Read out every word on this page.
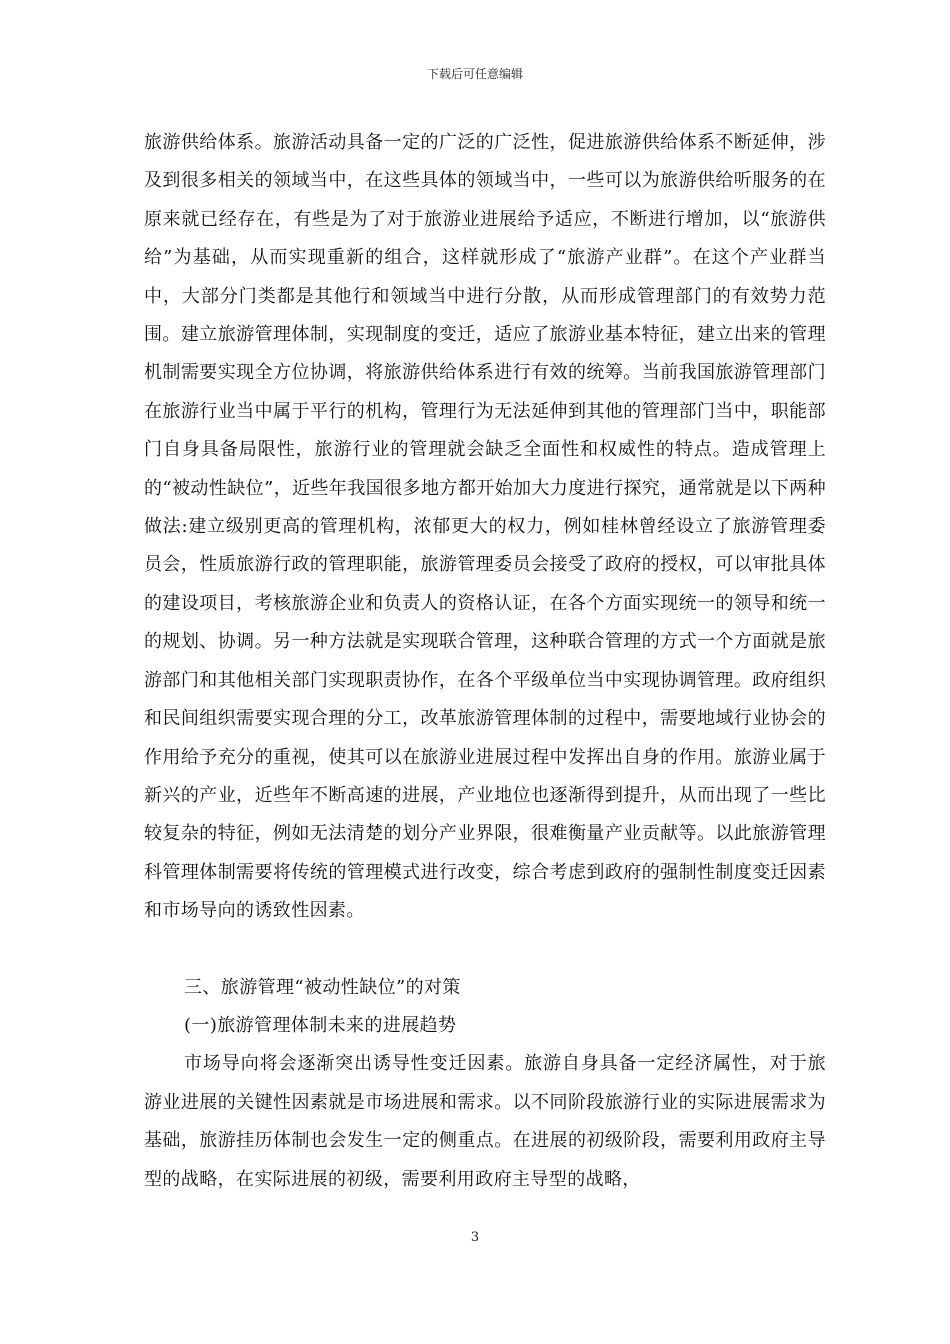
下载后可任意编辑

旅游供给体系。旅游活动具备一定的广泛的广泛性，促进旅游供给体系不断延伸，涉及到很多相关的领域当中，在这些具体的领域当中，一些可以为旅游供给听服务的在原来就已经存在，有些是为了对于旅游业进展给予适应，不断进行增加，以“旅游供给”为基础，从而实现重新的组合，这样就形成了“旅游产业群”。在这个产业群当中，大部分门类都是其他行和领域当中进行分散，从而形成管理部门的有效势力范围。建立旅游管理体制，实现制度的变迁，适应了旅游业基本特征，建立出来的管理机制需要实现全方位协调，将旅游供给体系进行有效的统筹。当前我国旅游管理部门在旅游行业当中属于平行的机构，管理行为无法延伸到其他的管理部门当中，职能部门自身具备局限性，旅游行业的管理就会缺乏全面性和权威性的特点。造成管理上的“被动性缺位”，近些年我国很多地方都开始加大力度进行探究，通常就是以下两种做法:建立级别更高的管理机构，浓郁更大的权力，例如桂林曾经设立了旅游管理委员会，性质旅游行政的管理职能，旅游管理委员会接受了政府的授权，可以审批具体的建设项目，考核旅游企业和负责人的资格认证，在各个方面实现统一的领导和统一的规划、协调。另一种方法就是实现联合管理，这种联合管理的方式一个方面就是旅游部门和其他相关部门实现职责协作，在各个平级单位当中实现协调管理。政府组织和民间组织需要实现合理的分工，改革旅游管理体制的过程中，需要地域行业协会的作用给予充分的重视，使其可以在旅游业进展过程中发挥出自身的作用。旅游业属于新兴的产业，近些年不断高速的进展，产业地位也逐渐得到提升，从而出现了一些比较复杂的特征，例如无法清楚的划分产业界限，很难衡量产业贡献等。以此旅游管理科管理体制需要将传统的管理模式进行改变，综合考虑到政府的强制性制度变迁因素和市场导向的诱致性因素。

三、旅游管理“被动性缺位”的对策

(一)旅游管理体制未来的进展趋势

市场导向将会逐渐突出诱导性变迁因素。旅游自身具备一定经济属性，对于旅游业进展的关键性因素就是市场进展和需求。以不同阶段旅游行业的实际进展需求为基础，旅游挂历体制也会发生一定的侧重点。在进展的初级阶段，需要利用政府主导型的战略，在实际进展的初级，需要利用政府主导型的战略，

3
